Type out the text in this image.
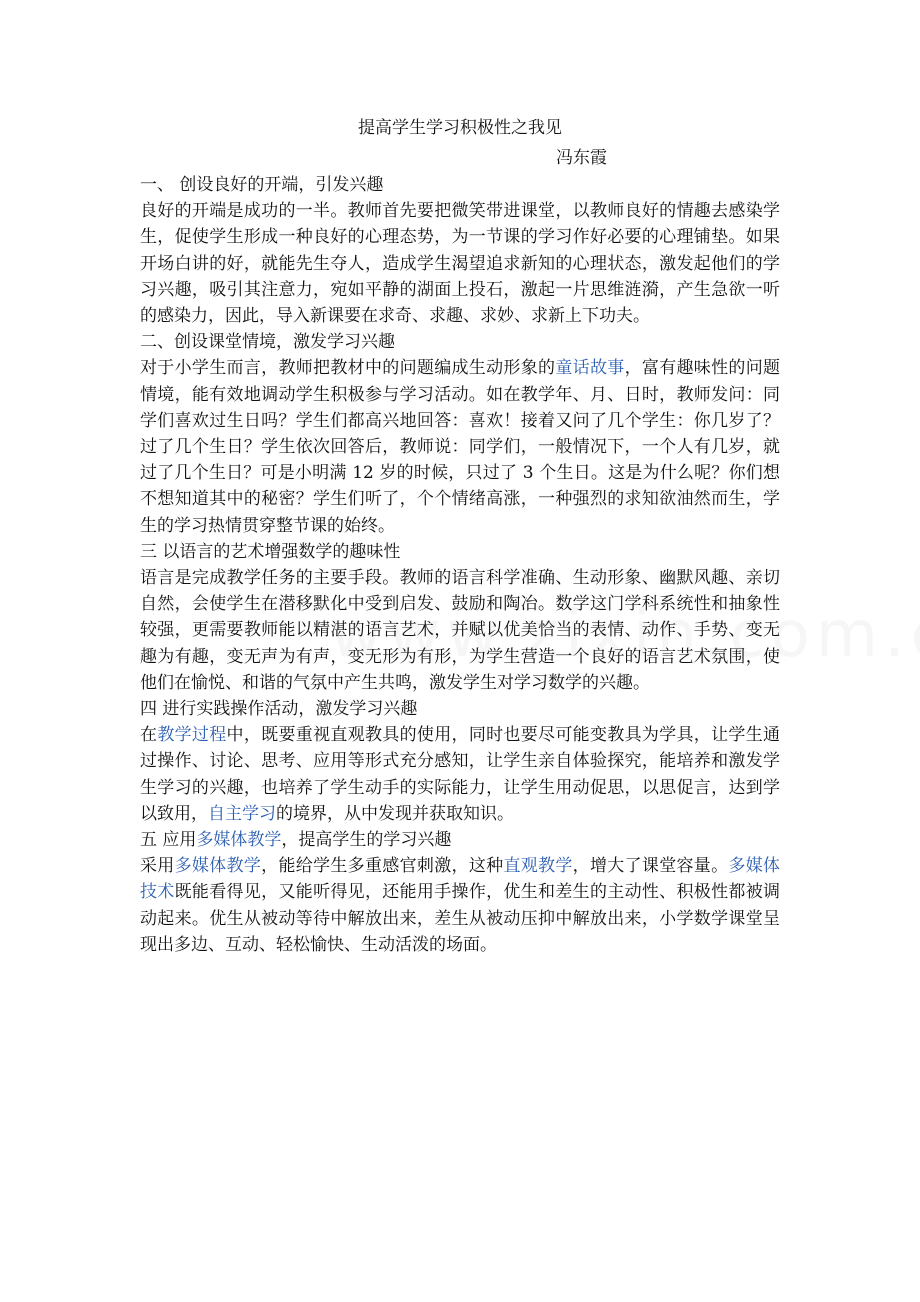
提高学生学习积极性之我见
冯东霞

一、 创设良好的开端，引发兴趣

良好的开端是成功的一半。教师首先要把微笑带进课堂，以教师良好的情趣去感染学生，促使学生形成一种良好的心理态势，为一节课的学习作好必要的心理铺垫。如果开场白讲的好，就能先生夺人，造成学生渴望追求新知的心理状态，激发起他们的学习兴趣，吸引其注意力，宛如平静的湖面上投石，激起一片思维涟漪，产生急欲一听的感染力，因此，导入新课要在求奇、求趣、求妙、求新上下功夫。

二、创设课堂情境，激发学习兴趣

对于小学生而言，教师把教材中的问题编成生动形象的童话故事，富有趣味性的问题情境，能有效地调动学生积极参与学习活动。如在教学年、月、日时，教师发问：同学们喜欢过生日吗？学生们都高兴地回答：喜欢！接着又问了几个学生：你几岁了？过了几个生日？学生依次回答后，教师说：同学们，一般情况下，一个人有几岁，就过了几个生日？可是小明满 12 岁的时候，只过了 3 个生日。这是为什么呢？你们想不想知道其中的秘密？学生们听了，个个情绪高涨，一种强烈的求知欲油然而生，学生的学习热情贯穿整节课的始终。

三 以语言的艺术增强数学的趣味性

语言是完成教学任务的主要手段。教师的语言科学准确、生动形象、幽默风趣、亲切自然，会使学生在潜移默化中受到启发、鼓励和陶冶。数学这门学科系统性和抽象性较强，更需要教师能以精湛的语言艺术，并赋以优美恰当的表情、动作、手势、变无趣为有趣，变无声为有声，变无形为有形，为学生营造一个良好的语言艺术氛围，使他们在愉悦、和谐的气氛中产生共鸣，激发学生对学习数学的兴趣。

四 进行实践操作活动，激发学习兴趣

在教学过程中，既要重视直观教具的使用，同时也要尽可能变教具为学具，让学生通过操作、讨论、思考、应用等形式充分感知，让学生亲自体验探究，能培养和激发学生学习的兴趣，也培养了学生动手的实际能力，让学生用动促思，以思促言，达到学以致用，自主学习的境界，从中发现并获取知识。

五 应用多媒体教学，提高学生的学习兴趣

采用多媒体教学，能给学生多重感官刺激，这种直观教学，增大了课堂容量。多媒体技术既能看得见，又能听得见，还能用手操作，优生和差生的主动性、积极性都被调动起来。优生从被动等待中解放出来，差生从被动压抑中解放出来，小学数学课堂呈现出多边、互动、轻松愉快、生动活泼的场面。
